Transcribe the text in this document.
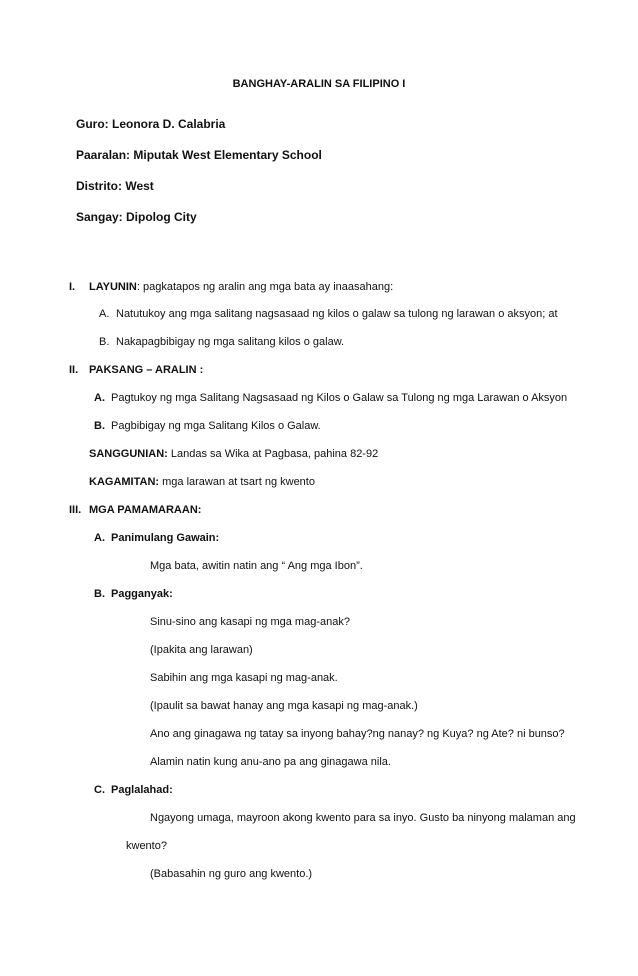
BANGHAY-ARALIN SA FILIPINO I
Guro: Leonora D. Calabria
Paaralan: Miputak West Elementary School
Distrito: West
Sangay: Dipolog City
I. LAYUNIN: pagkatapos ng aralin ang mga bata ay inaasahang:
A. Natutukoy ang mga salitang nagsasaad ng kilos o galaw sa tulong ng larawan o aksyon; at
B. Nakapagbibigay ng mga salitang kilos o galaw.
II. PAKSANG – ARALIN :
A. Pagtukoy ng mga Salitang Nagsasaad ng Kilos o Galaw sa Tulong ng mga Larawan o Aksyon
B. Pagbibigay ng mga Salitang Kilos o Galaw.
SANGGUNIAN: Landas sa Wika at Pagbasa, pahina 82-92
KAGAMITAN: mga larawan at tsart ng kwento
III. MGA PAMAMARAAN:
A. Panimulang Gawain:
Mga bata, awitin natin ang “ Ang mga Ibon”.
B. Pagganyak:
Sinu-sino ang kasapi ng mga mag-anak?
(Ipakita ang larawan)
Sabihin ang mga kasapi ng mag-anak.
(Ipaulit sa bawat hanay ang mga kasapi ng mag-anak.)
Ano ang ginagawa ng tatay sa inyong bahay?ng nanay? ng Kuya? ng Ate? ni bunso?
Alamin natin kung anu-ano pa ang ginagawa nila.
C. Paglalahad:
Ngayong umaga, mayroon akong kwento para sa inyo. Gusto ba ninyong malaman ang
kwento?
(Babasahin ng guro ang kwento.)
